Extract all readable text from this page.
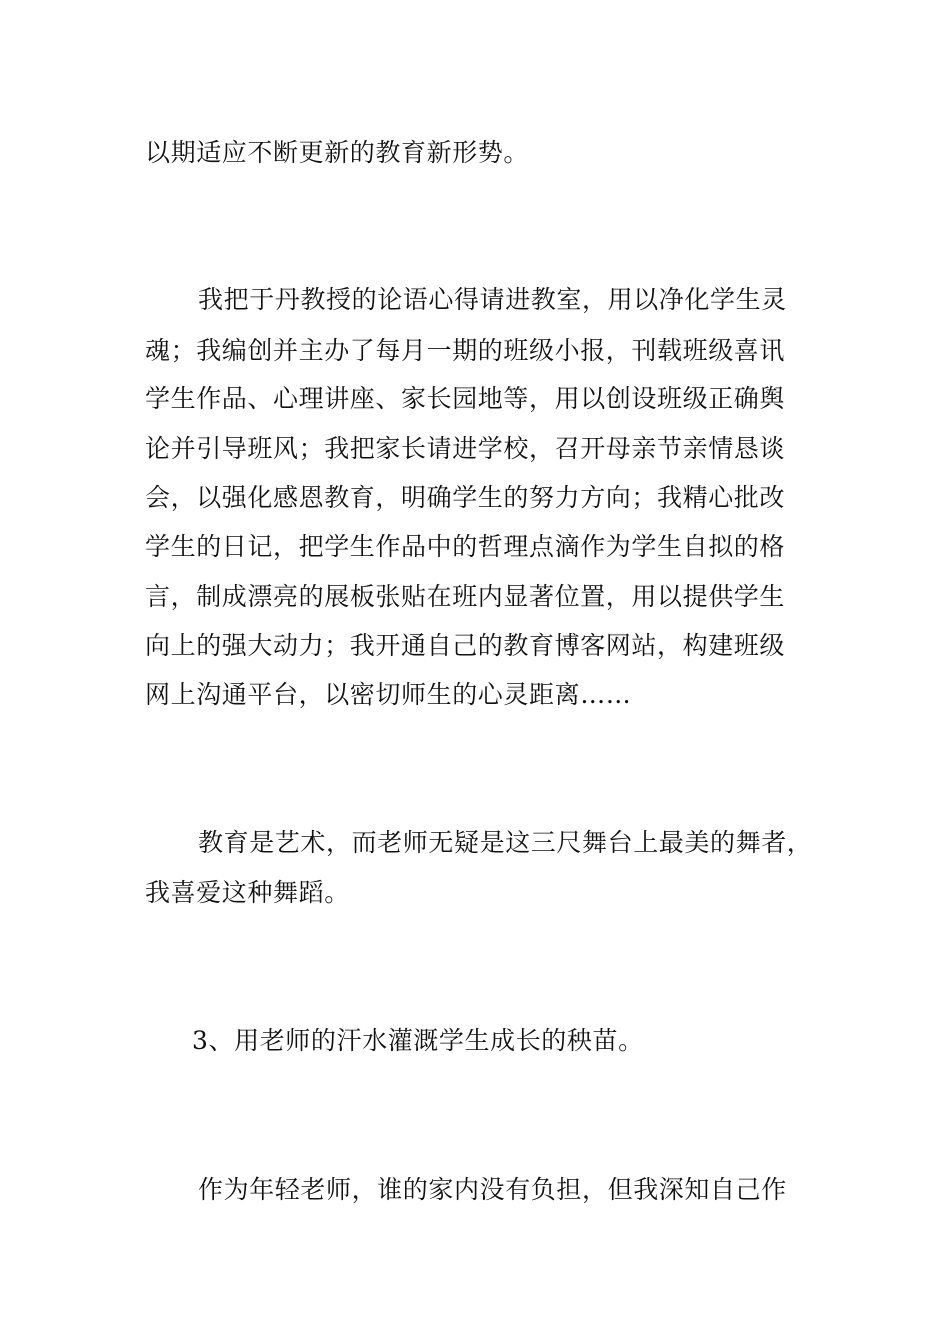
以期适应不断更新的教育新形势。
我把于丹教授的论语心得请进教室，用以净化学生灵
魂；我编创并主办了每月一期的班级小报，刊载班级喜讯
学生作品、心理讲座、家长园地等，用以创设班级正确舆
论并引导班风；我把家长请进学校，召开母亲节亲情恳谈
会，以强化感恩教育，明确学生的努力方向；我精心批改
学生的日记，把学生作品中的哲理点滴作为学生自拟的格
言，制成漂亮的展板张贴在班内显著位置，用以提供学生
向上的强大动力；我开通自己的教育博客网站，构建班级
网上沟通平台，以密切师生的心灵距离……
教育是艺术，而老师无疑是这三尺舞台上最美的舞者，
我喜爱这种舞蹈。
3、用老师的汗水灌溉学生成长的秧苗。
作为年轻老师，谁的家内没有负担，但我深知自己作
